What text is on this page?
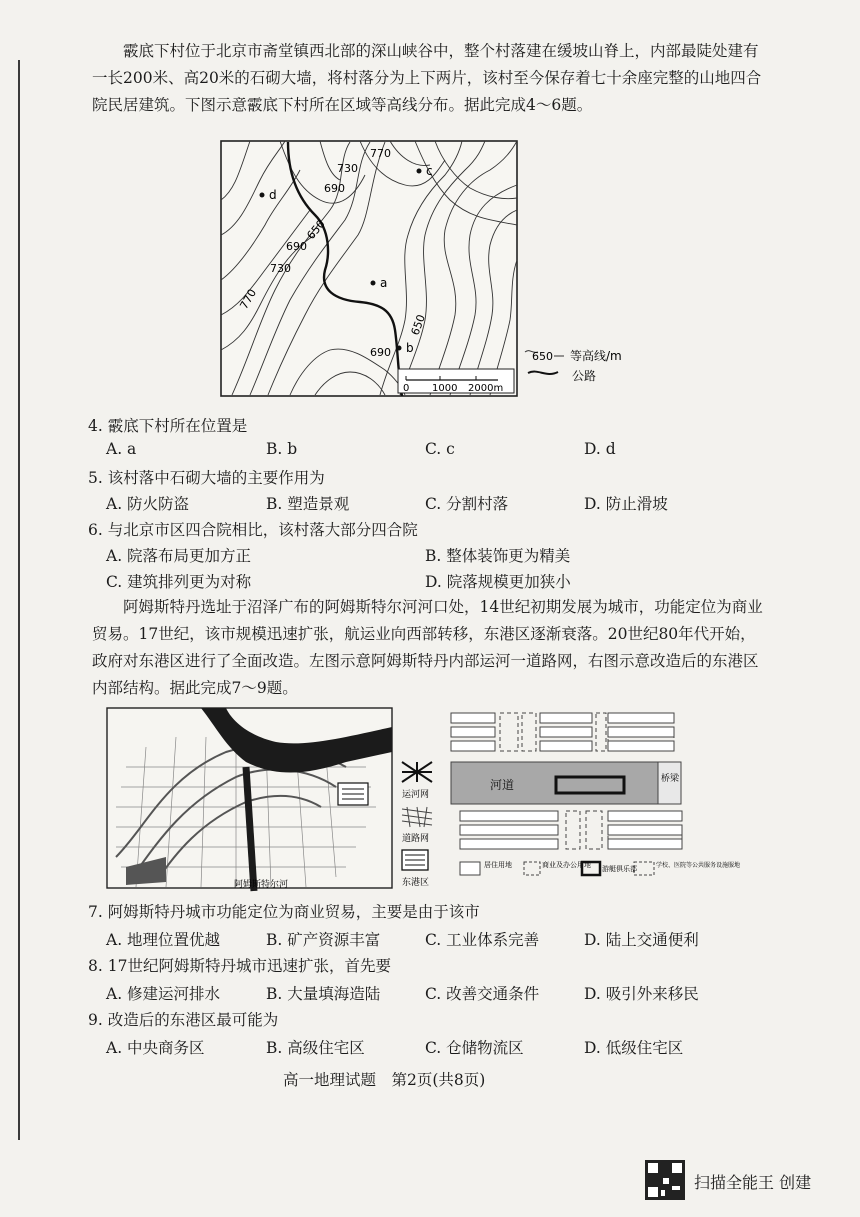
霰底下村位于北京市斋堂镇西北部的深山峡谷中，整个村落建在缓坡山脊上，内部最陡处建有一长200米、高20米的石砌大墙，将村落分为上下两片，该村至今保存着七十余座完整的山地四合院民居建筑。下图示意霰底下村所在区域等高线分布。据此完成4～6题。

770
730
690
650
690
730
770
650
690
a
b
c
d
0 1000 2000m
650 等高线/m
公路
4. 霰底下村所在位置是
A. a	B. b	C. c	D. d
5. 该村落中石砌大墙的主要作用为
A. 防火防盗	B. 塑造景观	C. 分割村落	D. 防止滑坡
6. 与北京市区四合院相比，该村落大部分四合院
A. 院落布局更加方正	B. 整体装饰更为精美
C. 建筑排列更为对称	D. 院落规模更加狭小

阿姆斯特丹选址于沼泽广布的阿姆斯特尔河河口处，14世纪初期发展为城市，功能定位为商业贸易。17世纪，该市规模迅速扩张，航运业向西部转移，东港区逐渐衰落。20世纪80年代开始，政府对东港区进行了全面改造。左图示意阿姆斯特丹内部运河一道路网，右图示意改造后的东港区内部结构。据此完成7～9题。

阿姆斯特尔河
运河网
道路网
东港区
河道	桥梁
居住用地	商业及办公用地 游艇俱乐部	学校、医院等公共服务设施服地
7. 阿姆斯特丹城市功能定位为商业贸易，主要是由于该市
A. 地理位置优越	B. 矿产资源丰富	C. 工业体系完善	D. 陆上交通便利
8. 17世纪阿姆斯特丹城市迅速扩张，首先要
A. 修建运河排水	B. 大量填海造陆	C. 改善交通条件	D. 吸引外来移民
9. 改造后的东港区最可能为
A. 中央商务区	B. 高级住宅区	C. 仓储物流区	D. 低级住宅区
高一地理试题　第2页(共8页)
扫描全能王 创建
